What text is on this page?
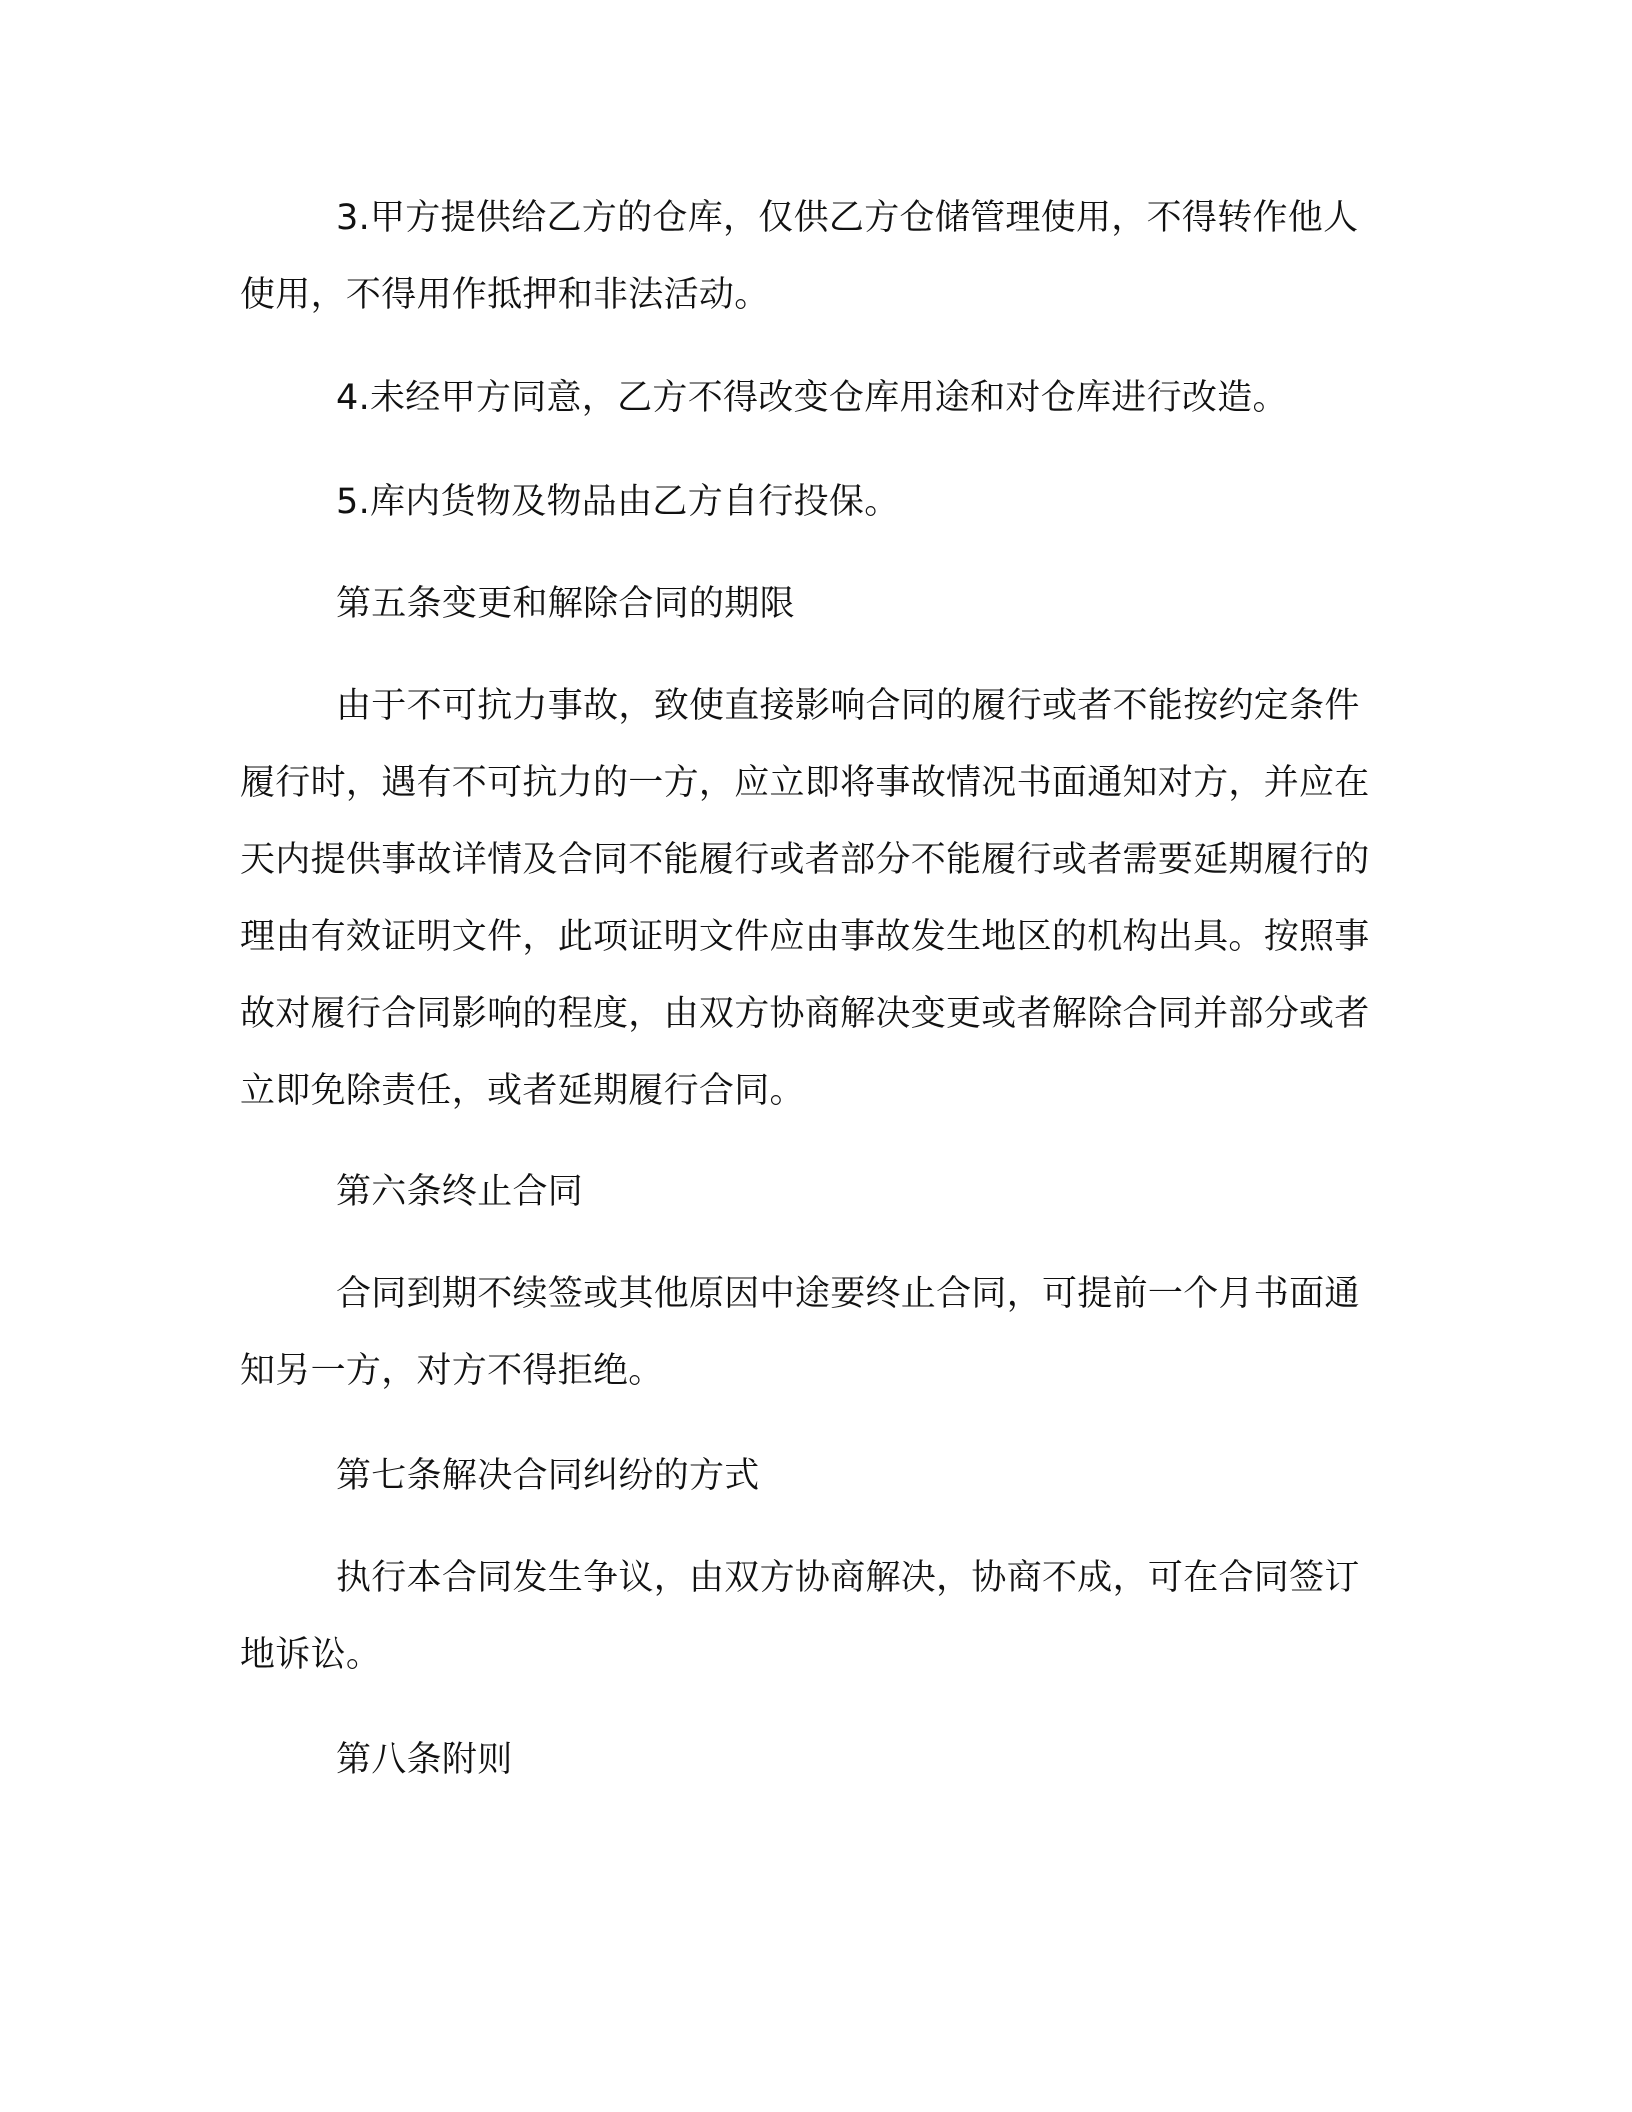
3.甲方提供给乙方的仓库，仅供乙方仓储管理使用，不得转作他人使用，不得用作抵押和非法活动。

4.未经甲方同意，乙方不得改变仓库用途和对仓库进行改造。

5.库内货物及物品由乙方自行投保。

第五条变更和解除合同的期限

由于不可抗力事故，致使直接影响合同的履行或者不能按约定条件履行时，遇有不可抗力的一方，应立即将事故情况书面通知对方，并应在天内提供事故详情及合同不能履行或者部分不能履行或者需要延期履行的理由有效证明文件，此项证明文件应由事故发生地区的机构出具。按照事故对履行合同影响的程度，由双方协商解决变更或者解除合同并部分或者立即免除责任，或者延期履行合同。

第六条终止合同

合同到期不续签或其他原因中途要终止合同，可提前一个月书面通知另一方，对方不得拒绝。

第七条解决合同纠纷的方式

执行本合同发生争议，由双方协商解决，协商不成，可在合同签订地诉讼。

第八条附则
